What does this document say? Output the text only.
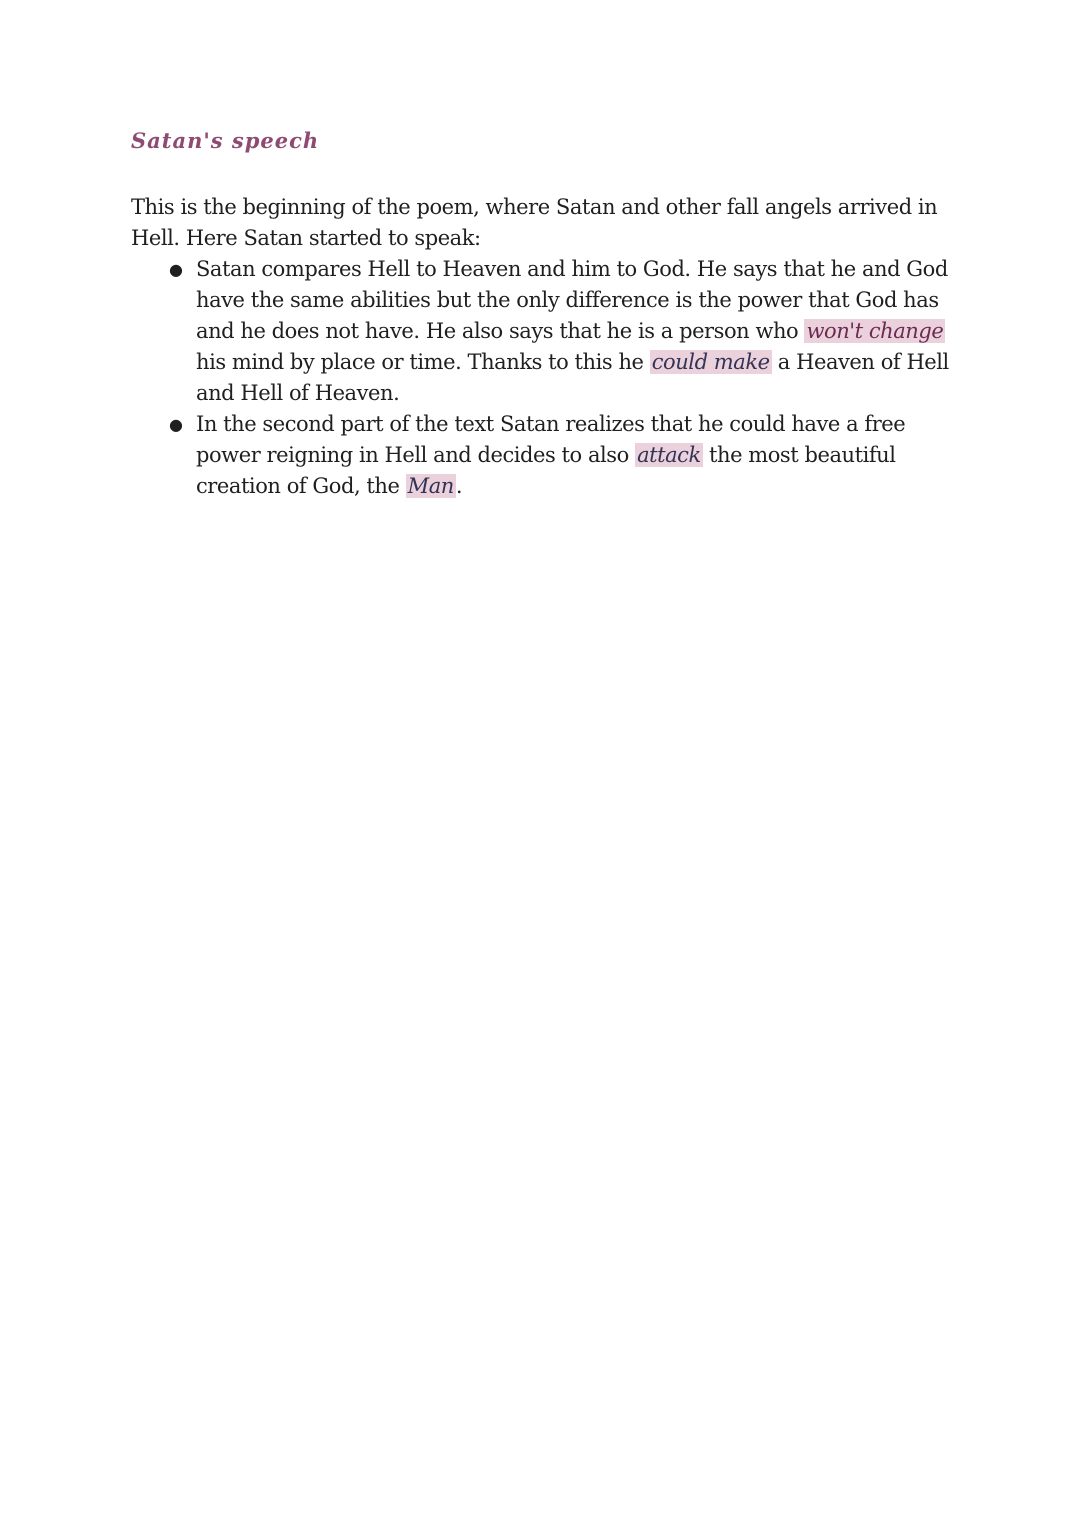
Satan's speech

This is the beginning of the poem, where Satan and other fall angels arrived in Hell. Here Satan started to speak:

● Satan compares Hell to Heaven and him to God. He says that he and God have the same abilities but the only difference is the power that God has and he does not have. He also says that he is a person who won't change his mind by place or time. Thanks to this he could make a Heaven of Hell and Hell of Heaven.
● In the second part of the text Satan realizes that he could have a free power reigning in Hell and decides to also attack the most beautiful creation of God, the Man.
